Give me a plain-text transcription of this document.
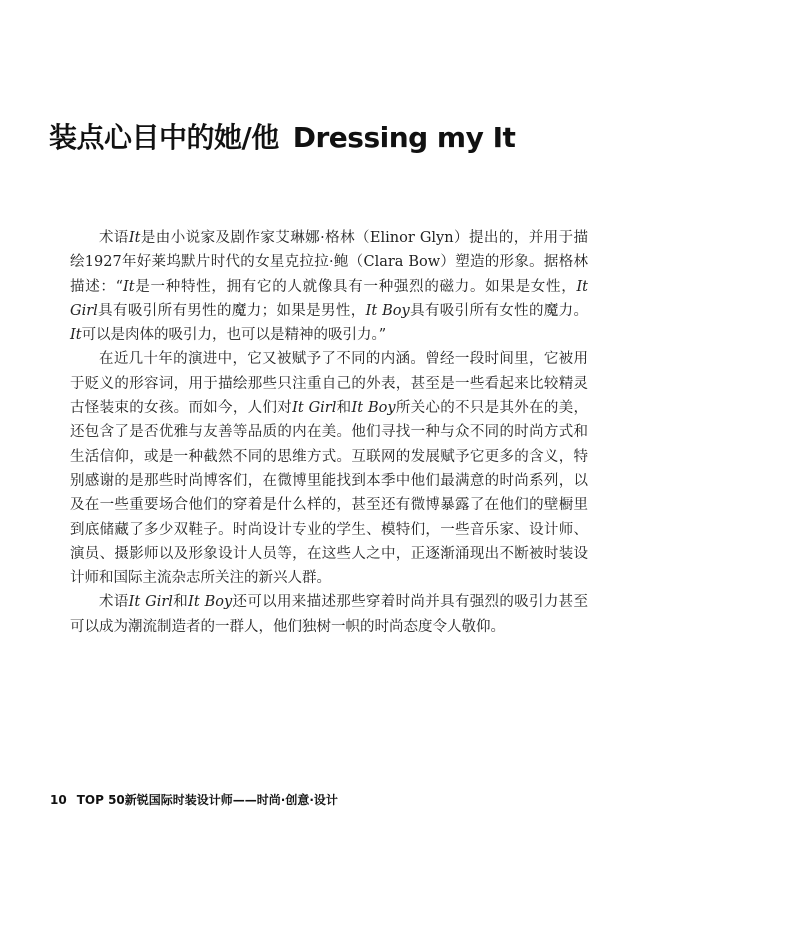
装点心目中的她/他 Dressing my It

术语It是由小说家及剧作家艾琳娜·格林（Elinor Glyn）提出的，并用于描绘1927年好莱坞默片时代的女星克拉拉·鲍（Clara Bow）塑造的形象。据格林描述：“It是一种特性，拥有它的人就像具有一种强烈的磁力。如果是女性，It Girl具有吸引所有男性的魔力；如果是男性，It Boy具有吸引所有女性的魔力。It可以是肉体的吸引力，也可以是精神的吸引力。”

在近几十年的演进中，它又被赋予了不同的内涵。曾经一段时间里，它被用于贬义的形容词，用于描绘那些只注重自己的外表，甚至是一些看起来比较精灵古怪装束的女孩。而如今，人们对It Girl和It Boy所关心的不只是其外在的美，还包含了是否优雅与友善等品质的内在美。他们寻找一种与众不同的时尚方式和生活信仰，或是一种截然不同的思维方式。互联网的发展赋予它更多的含义，特别感谢的是那些时尚博客们，在微博里能找到本季中他们最满意的时尚系列，以及在一些重要场合他们的穿着是什么样的，甚至还有微博暴露了在他们的壁橱里到底储藏了多少双鞋子。时尚设计专业的学生、模特们，一些音乐家、设计师、演员、摄影师以及形象设计人员等，在这些人之中，正逐渐涌现出不断被时装设计师和国际主流杂志所关注的新兴人群。

术语It Girl和It Boy还可以用来描述那些穿着时尚并具有强烈的吸引力甚至可以成为潮流制造者的一群人，他们独树一帜的时尚态度令人敬仰。

10 TOP 50新锐国际时装设计师——时尚·创意·设计
